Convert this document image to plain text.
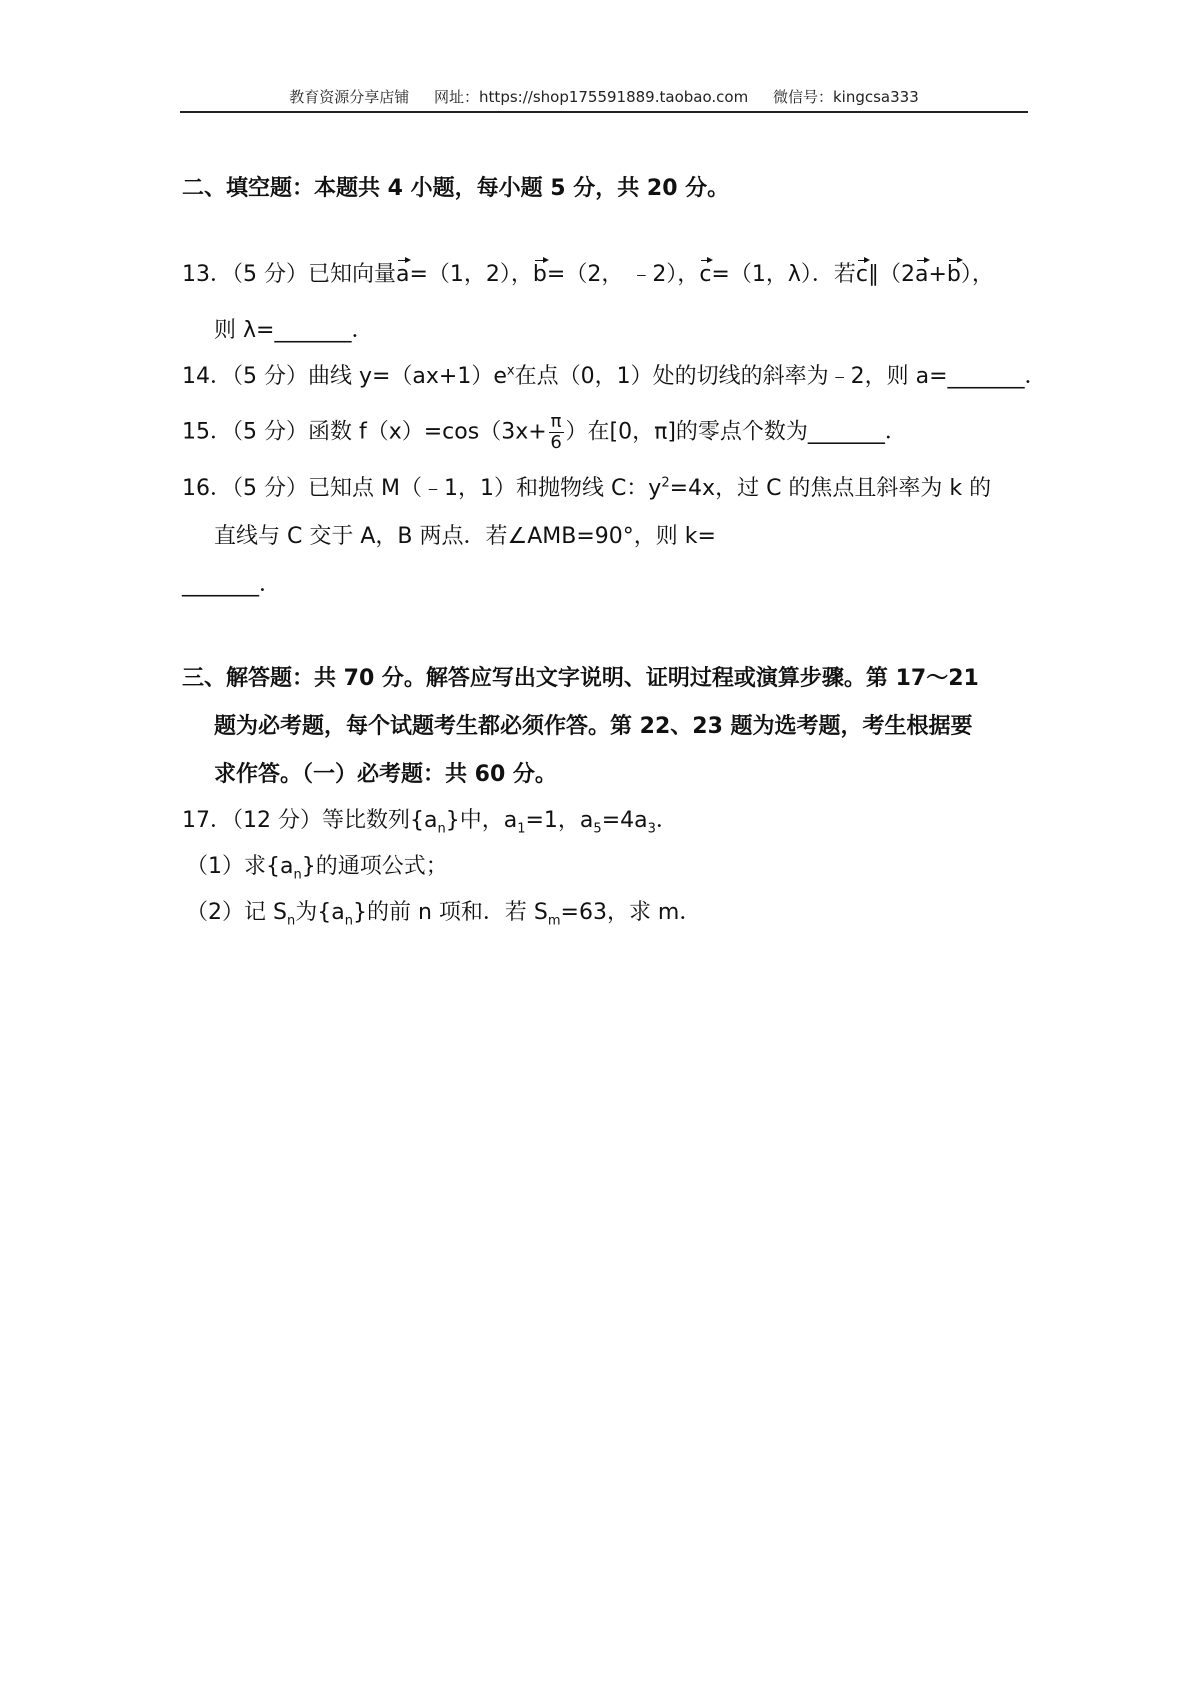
教育资源分享店铺 网址：https://shop175591889.taobao.com 微信号：kingcsa333
二、填空题：本题共 4 小题，每小题 5 分，共 20 分。
13．（5 分）已知向量a=（1，2），b=（2， ﹣2），c=（1，λ）．若c∥（2a+b），
则 λ=_______．
14．（5 分）曲线 $y=(ax+1)e^x$在点（0，1）处的切线的斜率为﹣2，则 a=_______．
15．（5 分）函数 $f(x)=\cos(3x+ \frac{\pi}{6}$ ）在[0，π]的零点个数为_______．
16．（5 分）已知点 M（﹣1，1）和抛物线 C：$y^2=4x$，过 C 的焦点且斜率为 k 的
直线与 C 交于 A，B 两点．若∠AMB=90°，则 k=
_______．
三、解答题：共 70 分。解答应写出文字说明、证明过程或演算步骤。第 17～21
题为必考题，每个试题考生都必须作答。第 22、23 题为选考题，考生根据要
求作答。（一）必考题：共 60 分。
17．（12 分）等比数列$\{a_n\}$中，$a_1=1$，$a_5=4a_3$．
（1）求$\{a_n\}$的通项公式；
（2）记 $S_n$为$\{a_n\}$的前 n 项和．若 $S_m=63$，求 m．
